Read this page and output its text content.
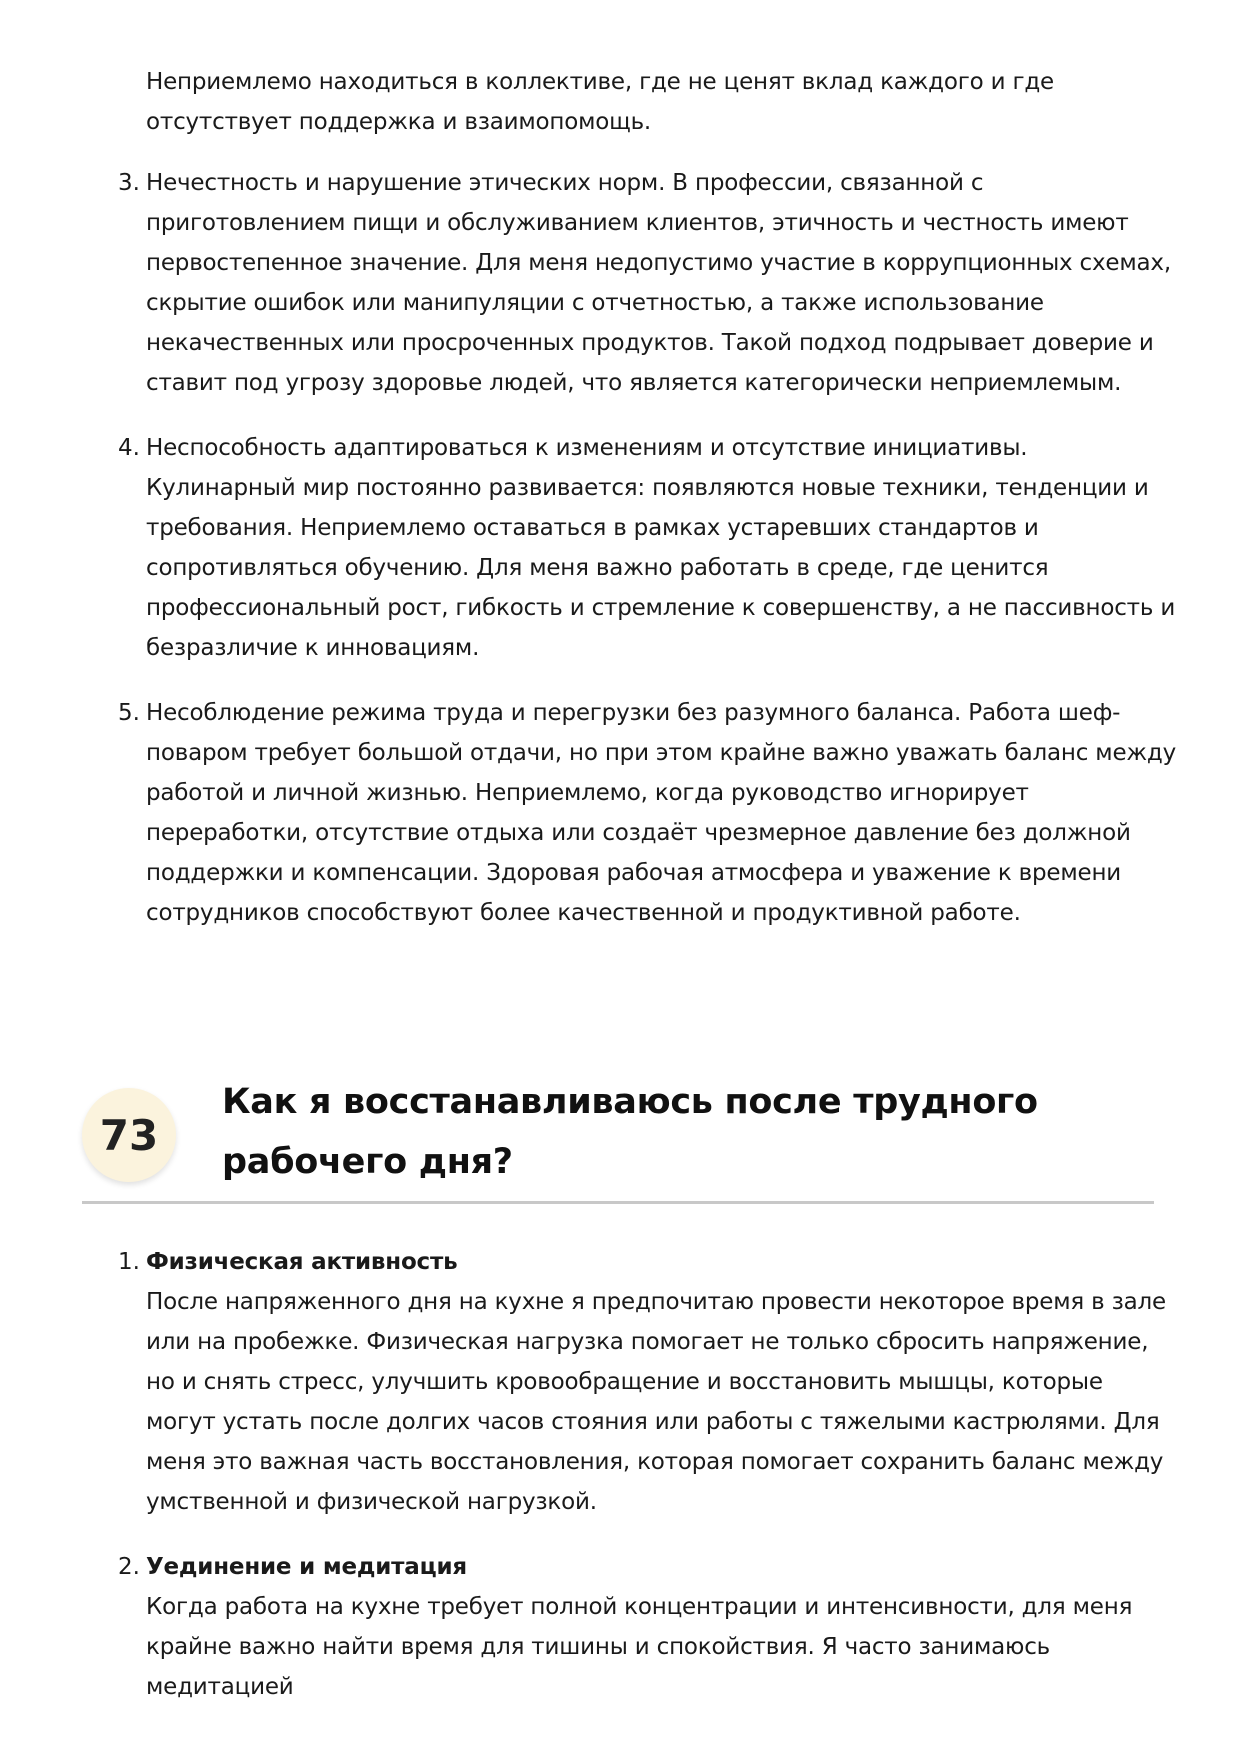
Неприемлемо находиться в коллективе, где не ценят вклад каждого и где отсутствует поддержка и взаимопомощь.

3. Нечестность и нарушение этических норм. В профессии, связанной с приготовлением пищи и обслуживанием клиентов, этичность и честность имеют первостепенное значение. Для меня недопустимо участие в коррупционных схемах, скрытие ошибок или манипуляции с отчетностью, а также использование некачественных или просроченных продуктов. Такой подход подрывает доверие и ставит под угрозу здоровье людей, что является категорически неприемлемым.
4. Неспособность адаптироваться к изменениям и отсутствие инициативы. Кулинарный мир постоянно развивается: появляются новые техники, тенденции и требования. Неприемлемо оставаться в рамках устаревших стандартов и сопротивляться обучению. Для меня важно работать в среде, где ценится профессиональный рост, гибкость и стремление к совершенству, а не пассивность и безразличие к инновациям.
5. Несоблюдение режима труда и перегрузки без разумного баланса. Работа шеф-поваром требует большой отдачи, но при этом крайне важно уважать баланс между работой и личной жизнью. Неприемлемо, когда руководство игнорирует переработки, отсутствие отдыха или создаёт чрезмерное давление без должной поддержки и компенсации. Здоровая рабочая атмосфера и уважение к времени сотрудников способствуют более качественной и продуктивной работе.
73
Как я восстанавливаюсь после трудного рабочего дня?
1. Физическая активность
После напряженного дня на кухне я предпочитаю провести некоторое время в зале или на пробежке. Физическая нагрузка помогает не только сбросить напряжение, но и снять стресс, улучшить кровообращение и восстановить мышцы, которые могут устать после долгих часов стояния или работы с тяжелыми кастрюлями. Для меня это важная часть восстановления, которая помогает сохранить баланс между умственной и физической нагрузкой.
2. Уединение и медитация
Когда работа на кухне требует полной концентрации и интенсивности, для меня крайне важно найти время для тишины и спокойствия. Я часто занимаюсь медитацией
